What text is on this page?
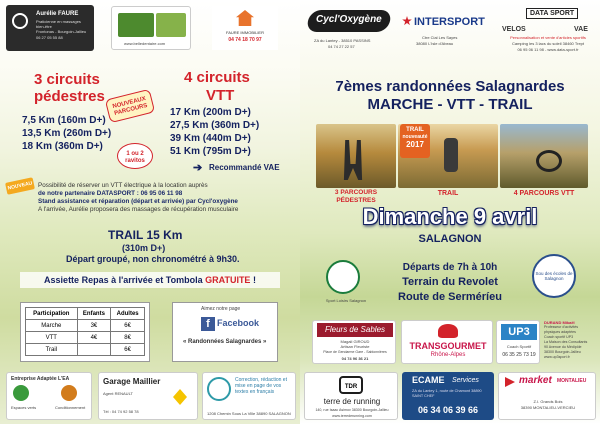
Aurélie FAURE
Praticienne en massages
bien-être
Frontonas - Bourgoin-Jallieu
06 27 05 55 88
www.belledentaire.com
FAURE IMMOBILIER
04 74 18 70 97
3 circuits
pédestres
7,5 Km (160m D+)
13,5 Km (260m D+)
18 Km (360m D+)
NOUVEAUX PARCOURS
4 circuits
VTT
17 Km (200m D+)
27,5 Km (360m D+)
39 Km (440m D+)
51 Km (795m D+)
1 ou 2 ravitos
➔ Recommandé VAE
NOUVEAU Possibilité de réserver un VTT électrique à la location auprès
de notre partenaire DATASPORT : 06 95 06 11 98
Stand assistance et réparation (départ et arrivée) par Cycl'oxygène
A l'arrivée, Aurélie proposera des massages de récupération musculaire
TRAIL 15 Km
(310m D+)
Départ groupé, non chronométré à 9h30.
Assiette Repas à l'arrivée et Tombola GRATUITE !
Participation	Enfants	Adultes
Marche	3€	6€
VTT	4€	8€
Trail		6€
Aimez notre page
f Facebook
« Randonnées Salagnardes »
Entreprise Adaptée L'EA
Espaces verts	Conditionnement
Garage Maillier
Agent RENAULT
Tél : 04 74 92 58 78
Correction, rédaction et mise en page de vos textes en français
1208 Chemin Sous La Ville 38890 SALAGNON
Cycl'Oxygène
ZA du Lantey - 38510 PASSINS
04 74 27 22 57
INTERSPORT
Ctre Cial Les Sayes
38080 L'Isle d'Abeau
DATA SPORT
VELOS	VAE
Personnalisation et vente d'articles sportifs
Camping les 3 lacs du soleil 38460 Trept
06 95 06 11 98 - www.data-sport.fr
7èmes randonnées Salagnardes
MARCHE - VTT - TRAIL
TRAIL
nouveauté
2017
3 PARCOURS
PÉDESTRES
TRAIL	4 PARCOURS VTT
Dimanche 9 avril
SALAGNON
Départs de 7h à 10h
Terrain du Revolet
Route de Serméríeu
Sport Loisirs Salagnon
Sou des écoles de Salagnon
Fleurs de Sables
Magali GIROUD
Artisan Fleuriste
Place de Gendarme Gare - Sablonnières
04 74 96 36 21
TRANSGOURMET
Rhône-Alpes
UP3
Coach Sportif
06 35 25 73 19
DURAND Mikaël
Professeur d'activités
physiques adaptées
Coach sportif UP3
La Maison des Consultants
90 Avenue du Médipôle
38300 Bourgoin-Jallieu
www.up3sport.fr
TDR
terre de running
140, rue Isaac Asimov 38300 Bourgoin-Jallieu
www.terrederunning.com
ECAME Services
ZA du Lantey 1, route de Chamont 38890 SAINT CHEF
06 34 06 39 66
market MONTALIEU
Z.I. Grands Bois
38390 MONTALIEU-VERCIEU
